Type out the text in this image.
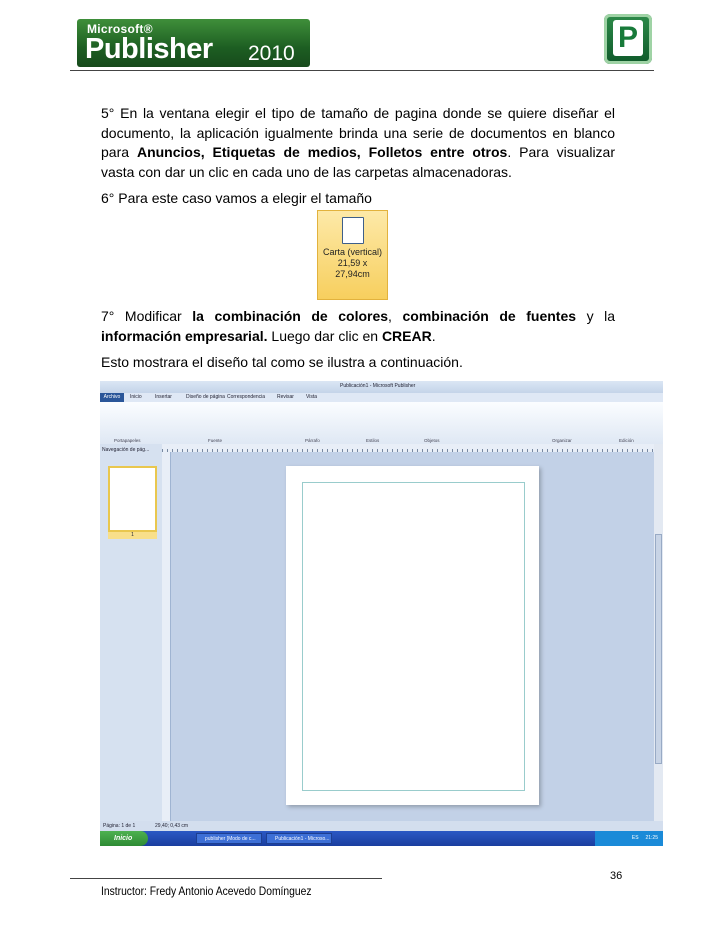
Microsoft®
Publisher 2010	P
5° En la ventana elegir el tipo de tamaño de pagina donde se quiere diseñar el documento, la aplicación igualmente brinda una serie de documentos en blanco para Anuncios, Etiquetas de medios, Folletos entre otros. Para visualizar vasta con dar un clic en cada uno de las carpetas almacenadoras.
6° Para este caso vamos a elegir el tamaño
Carta (vertical)
21,59 x
27,94cm
7° Modificar la combinación de colores, combinación de fuentes y la información empresarial. Luego dar clic en CREAR.
Esto mostrara el diseño tal como se ilustra a continuación.
Publicación1 - Microsoft Publisher
Archivo	Inicio	Insertar	Diseño de página Correspondencia Revisar Vista
Portapapeles	Fuente	Párrafo	Estilos	Objetos	Organizar	Edición
Navegación de pág...
1
Página: 1 de 1	29,40; 0,43 cm
Inicio	publisher [Modo de c...	Publicación1 - Microso...	ES 21:25
36
Instructor: Fredy Antonio Acevedo Domínguez
